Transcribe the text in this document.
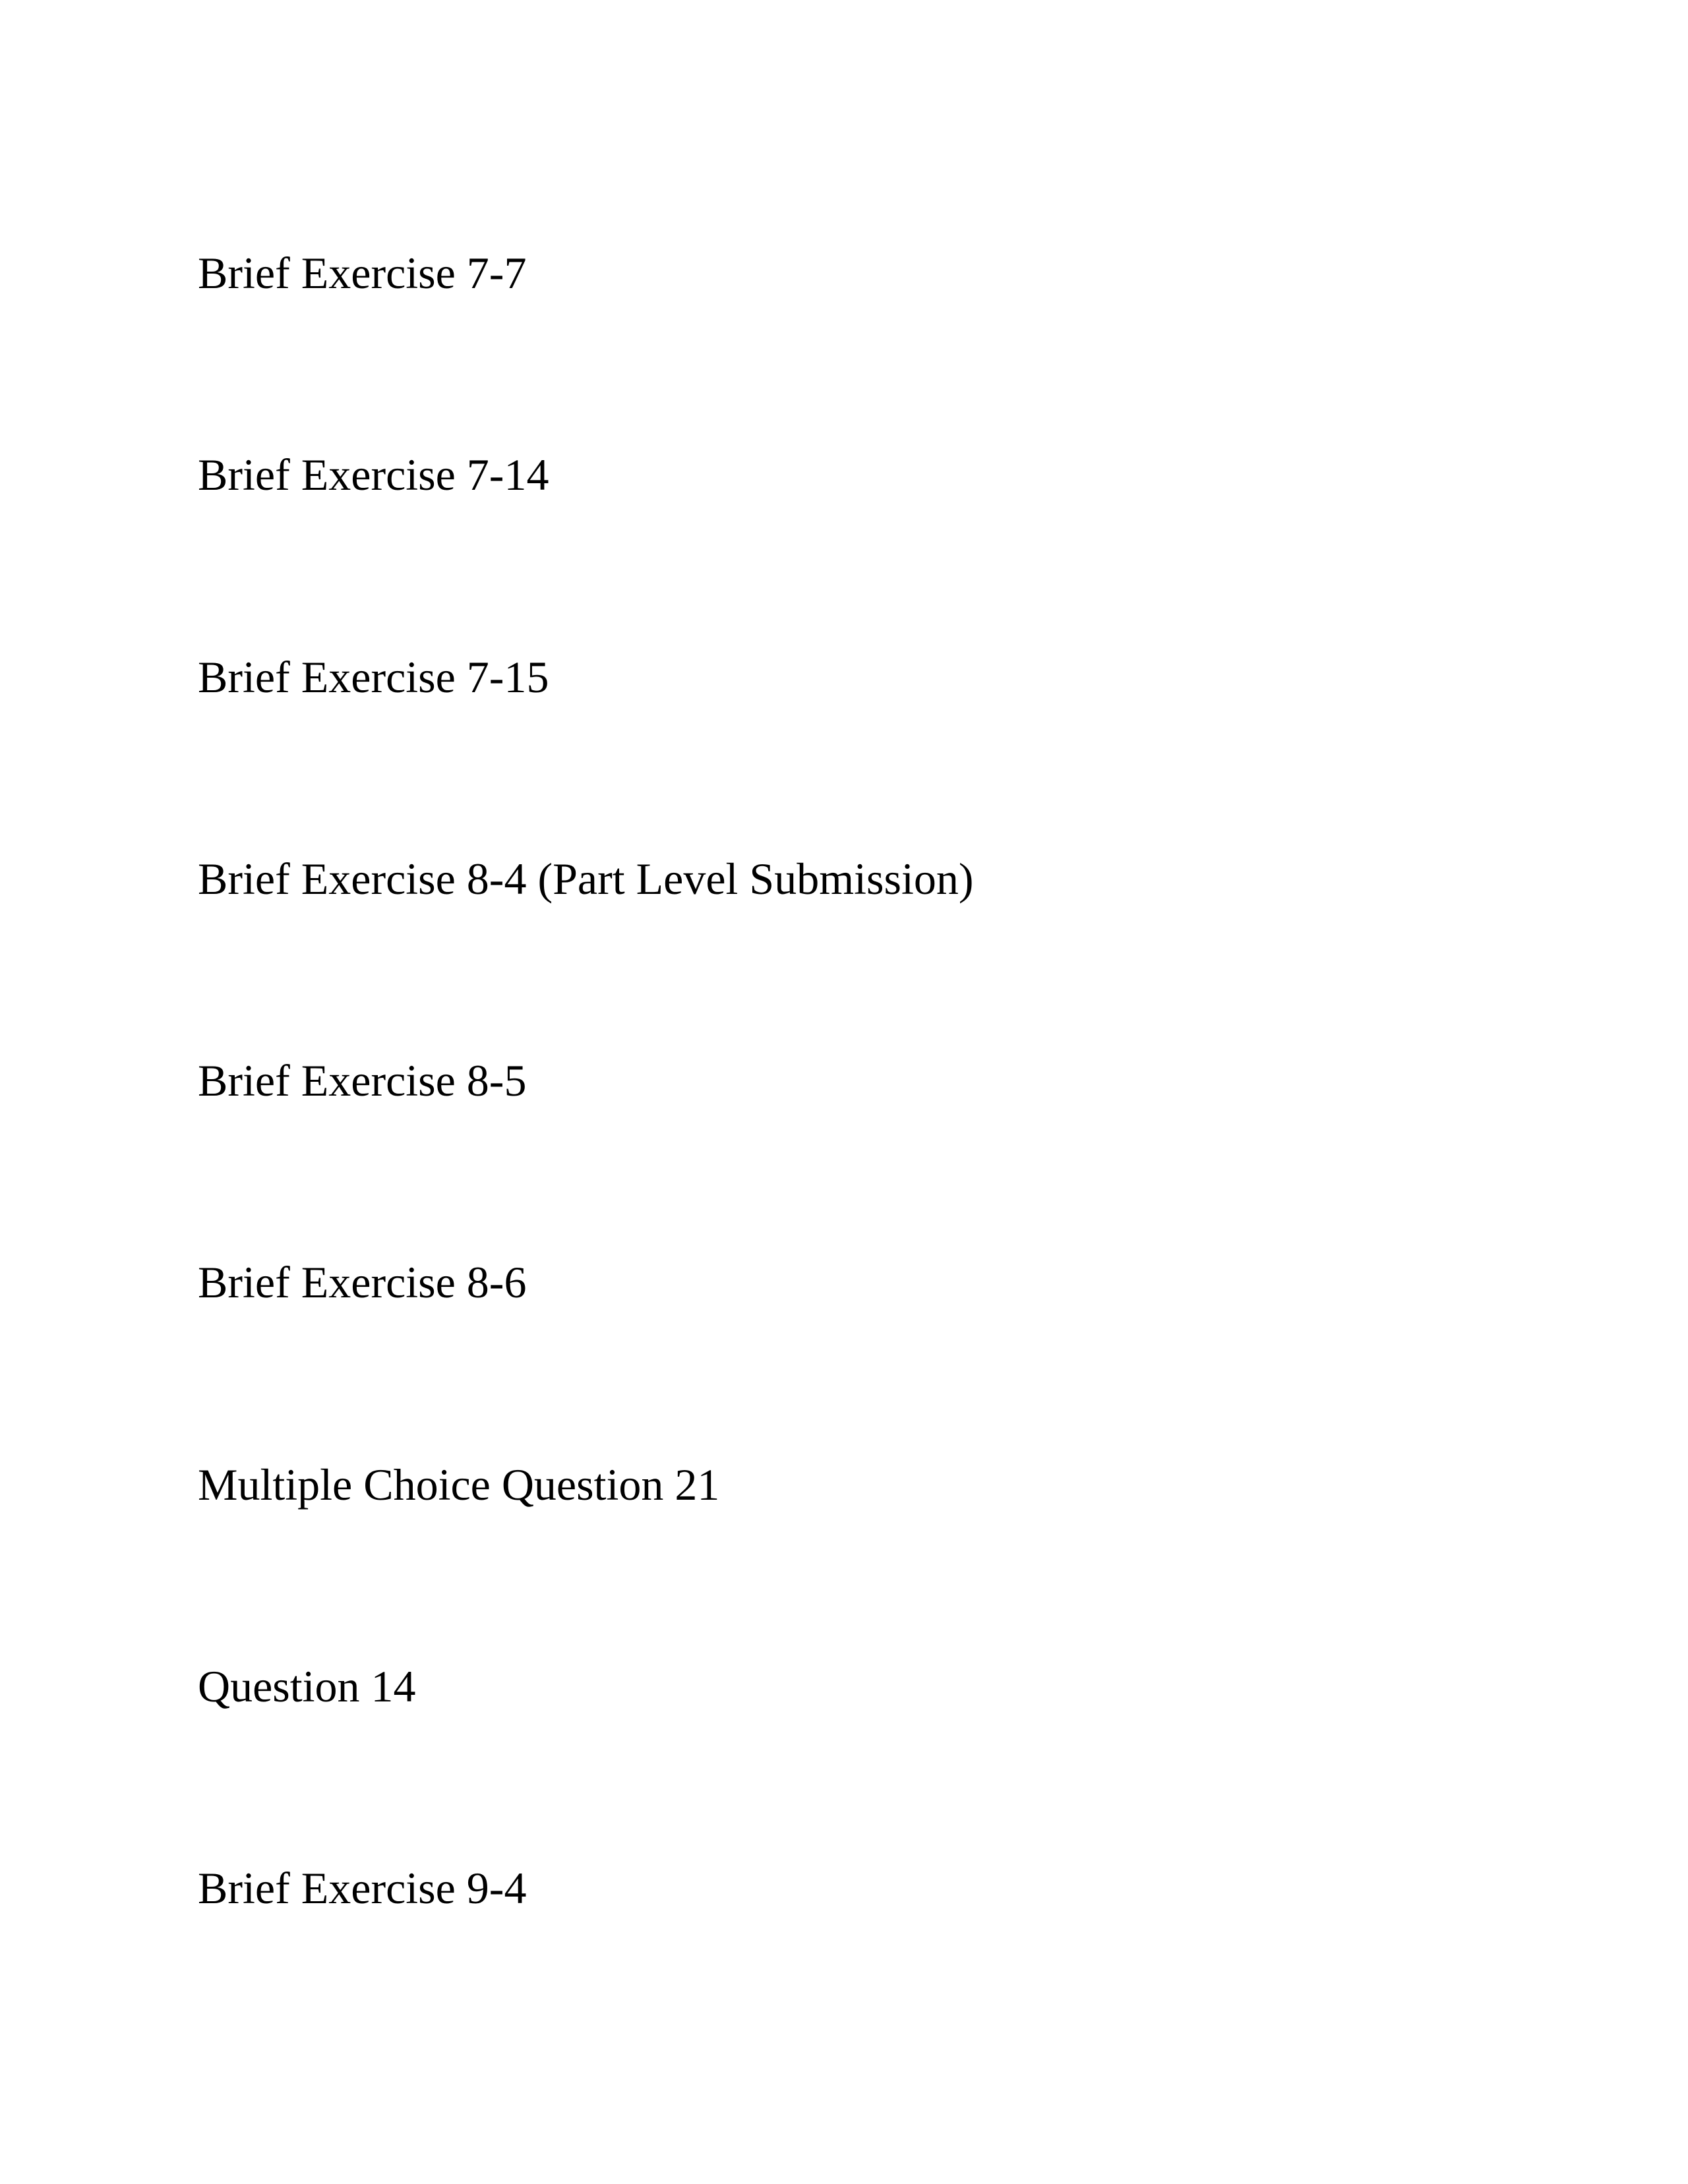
Brief Exercise 7-7

Brief Exercise 7-14

Brief Exercise 7-15

Brief Exercise 8-4 (Part Level Submission)

Brief Exercise 8-5

Brief Exercise 8-6

Multiple Choice Question 21

Question 14

Brief Exercise 9-4
